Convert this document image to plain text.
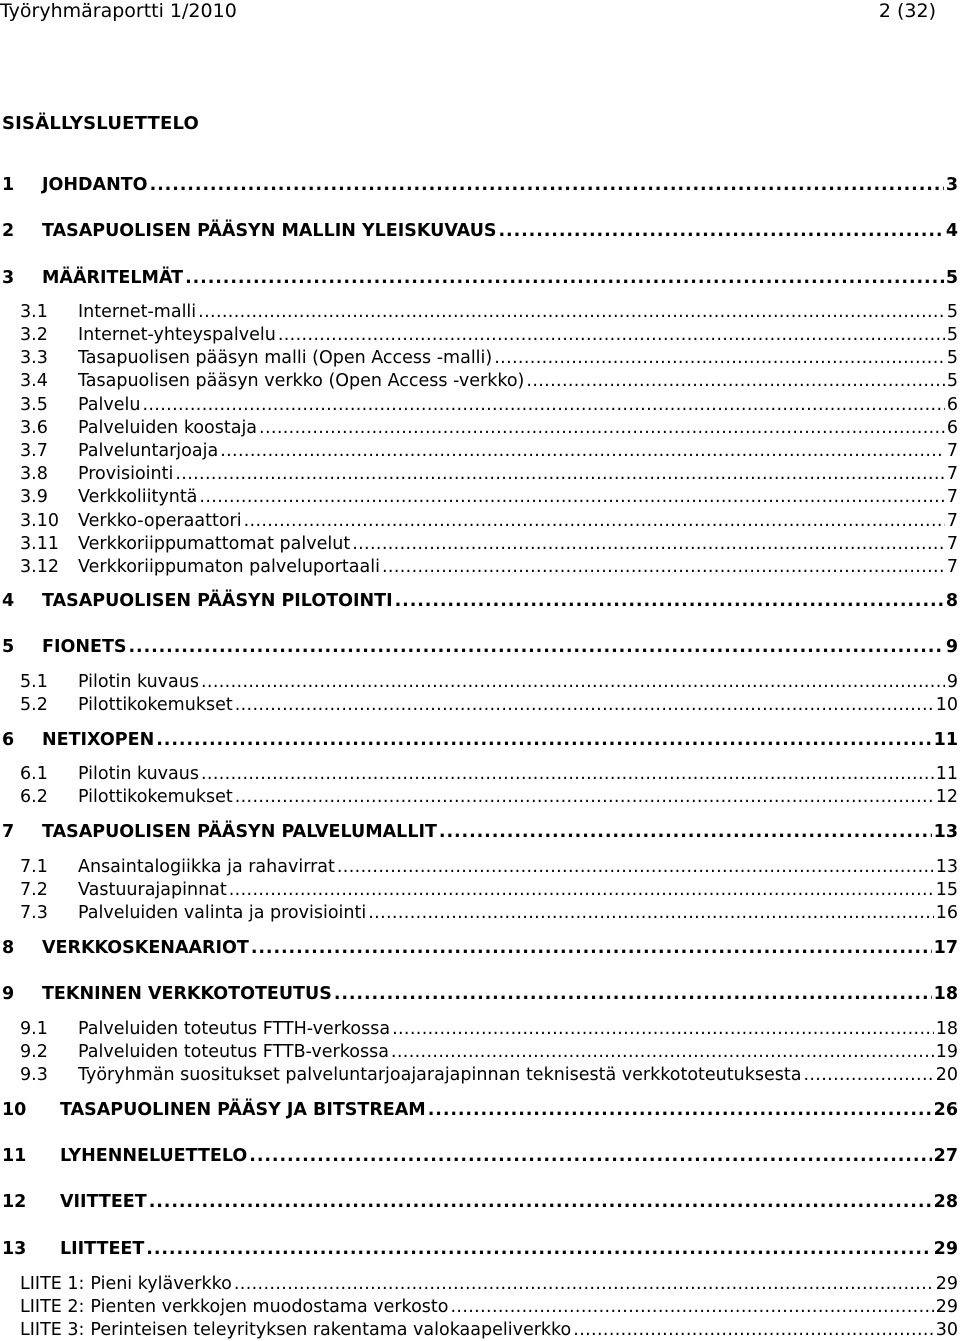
Työryhmäraportti 1/2010	2 (32)
SISÄLLYSLUETTELO
1	JOHDANTO . . .	3
2	TASAPUOLISEN PÄÄSYN MALLIN YLEISKUVAUS . . .	4
3	MÄÄRITELMÄT . . .	5
3.1	Internet-malli . . .	5
3.2	Internet-yhteyspalvelu . . .	5
3.3	Tasapuolisen pääsyn malli (Open Access -malli) . . .	5
3.4	Tasapuolisen pääsyn verkko (Open Access -verkko) . . .	5
3.5	Palvelu . . .	6
3.6	Palveluiden koostaja . . .	6
3.7	Palveluntarjoaja . . .	7
3.8	Provisiointi . . .	7
3.9	Verkkoliityntä . . .	7
3.10	Verkko-operaattori . . .	7
3.11	Verkkoriippumattomat palvelut . . .	7
3.12	Verkkoriippumaton palveluportaali . . .	7
4	TASAPUOLISEN PÄÄSYN PILOTOINTI . . .	8
5	FIONETS . . .	9
5.1	Pilotin kuvaus . . .	9
5.2	Pilottikokemukset . . .	10
6	NETIXOPEN . . .	11
6.1	Pilotin kuvaus . . .	11
6.2	Pilottikokemukset . . .	12
7	TASAPUOLISEN PÄÄSYN PALVELUMALLIT . . .	13
7.1	Ansaintalogiikka ja rahavirrat . . .	13
7.2	Vastuurajapinnat . . .	15
7.3	Palveluiden valinta ja provisiointi . . .	16
8	VERKKOSKENAARIOT . . .	17
9	TEKNINEN VERKKOTOTEUTUS . . .	18
9.1	Palveluiden toteutus FTTH-verkossa . . .	18
9.2	Palveluiden toteutus FTTB-verkossa . . .	19
9.3	Työryhmän suositukset palveluntarjoajarajapinnan teknisestä verkkototeutuksesta . . .	20
10	TASAPUOLINEN PÄÄSY JA BITSTREAM . . .	26
11	LYHENNELUETTELO . . .	27
12	VIITTEET . . .	28
13	LIITTEET . . .	29
LIITE 1: Pieni kyläverkko . . .	29
LIITE 2: Pienten verkkojen muodostama verkosto . . .	29
LIITE 3: Perinteisen teleyrityksen rakentama valokaapeliverkko . . .	30
